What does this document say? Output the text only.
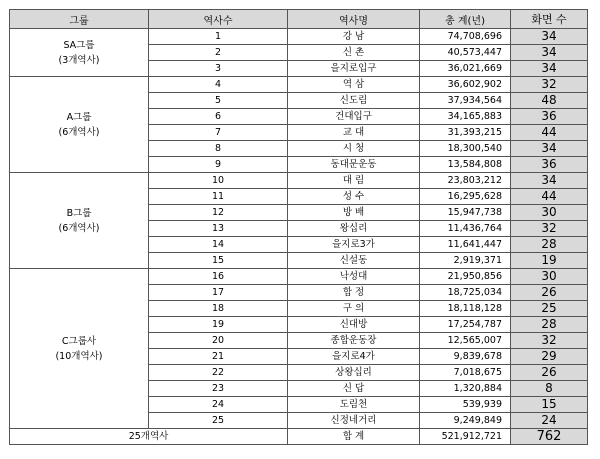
그룹	역사수	역사명	총 계(년)	화면 수

SA그룹
(3개역사)	1	강 남	74,708,696	34
	2	신 촌	40,573,447	34
	3	을지로입구	36,021,669	34

A그룹
(6개역사)	4	역 삼	36,602,902	32
	5	신도림	37,934,564	48
	6	건대입구	34,165,883	36
	7	교 대	31,393,215	44
	8	시 청	18,300,540	34
	9	동대문운동	13,584,808	36

B그룹
(6개역사)	10	대 림	23,803,212	34
	11	성 수	16,295,628	44
	12	방 배	15,947,738	30
	13	왕십리	11,436,764	32
	14	을지로3가	11,641,447	28
	15	신설동	2,919,371	19

C그룹사
(10개역사)	16	낙성대	21,950,856	30
	17	합 정	18,725,034	26
	18	구 의	18,118,128	25
	19	신대방	17,254,787	28
	20	종합운동장	12,565,007	32
	21	을지로4가	9,839,678	29
	22	상왕십리	7,018,675	26
	23	신 답	1,320,884	8
	24	도림천	539,939	15
	25	신정네거리	9,249,849	24
25개역사		합 계	521,912,721	762
